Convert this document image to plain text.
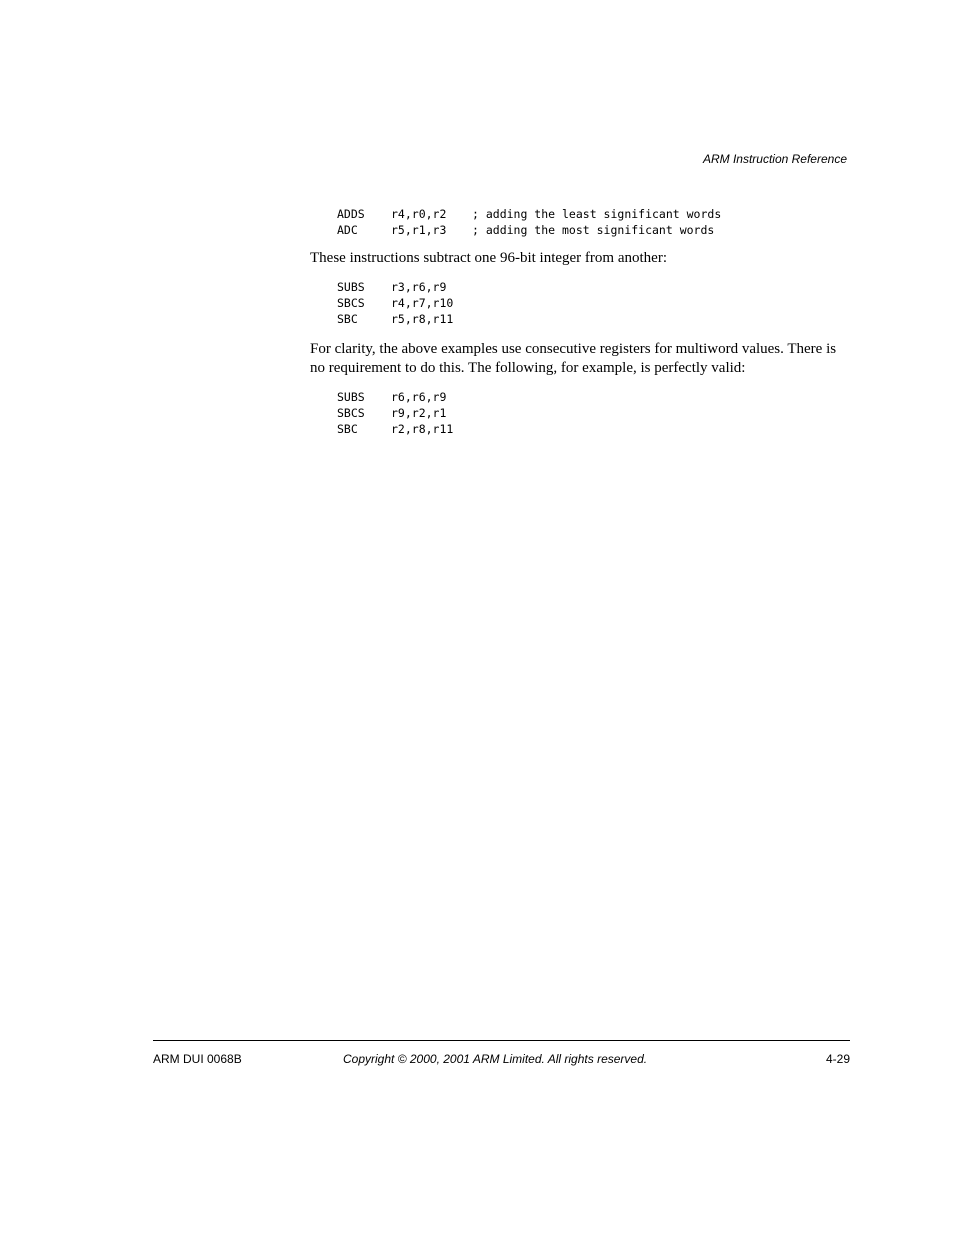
ARM Instruction Reference
ADDS r4,r0,r2 ; adding the least significant words
ADC	r5,r1,r3 ; adding the most significant words

These instructions subtract one 96-bit integer from another:

SUBS r3,r6,r9
SBCS r4,r7,r10
SBC	r5,r8,r11

For clarity, the above examples use consecutive registers for multiword values. There is no requirement to do this. The following, for example, is perfectly valid:

SUBS r6,r6,r9
SBCS r9,r2,r1
SBC	r2,r8,r11
ARM DUI 0068B	Copyright © 2000, 2001 ARM Limited. All rights reserved.	4-29
